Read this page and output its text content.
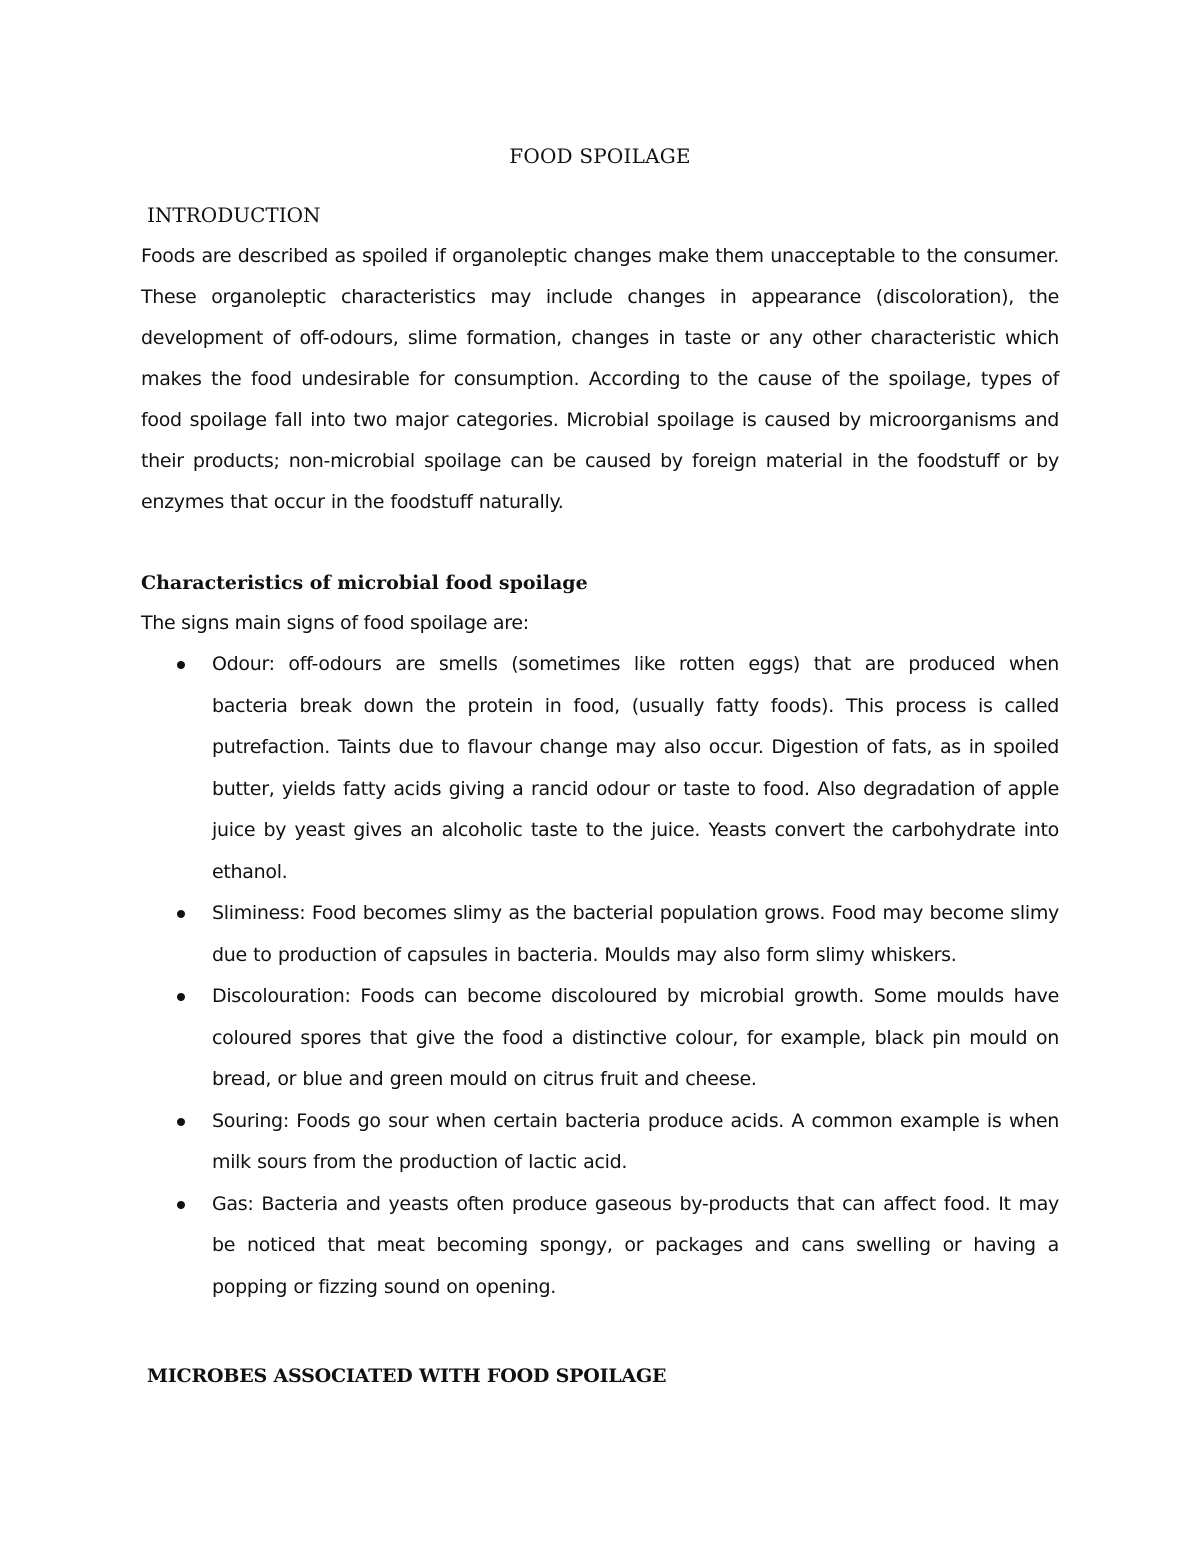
FOOD SPOILAGE
INTRODUCTION

Foods are described as spoiled if organoleptic changes make them unacceptable to the consumer. These organoleptic characteristics may include changes in appearance (discoloration), the development of off-odours, slime formation, changes in taste or any other characteristic which makes the food undesirable for consumption. According to the cause of the spoilage, types of food spoilage fall into two major categories. Microbial spoilage is caused by microorganisms and their products; non-microbial spoilage can be caused by foreign material in the foodstuff or by enzymes that occur in the foodstuff naturally.

Characteristics of microbial food spoilage

The signs main signs of food spoilage are:

Odour: off-odours are smells (sometimes like rotten eggs) that are produced when bacteria break down the protein in food, (usually fatty foods). This process is called putrefaction. Taints due to flavour change may also occur. Digestion of fats, as in spoiled butter, yields fatty acids giving a rancid odour or taste to food. Also degradation of apple juice by yeast gives an alcoholic taste to the juice. Yeasts convert the carbohydrate into ethanol.
Sliminess: Food becomes slimy as the bacterial population grows. Food may become slimy due to production of capsules in bacteria. Moulds may also form slimy whiskers.
Discolouration: Foods can become discoloured by microbial growth. Some moulds have coloured spores that give the food a distinctive colour, for example, black pin mould on bread, or blue and green mould on citrus fruit and cheese.
Souring: Foods go sour when certain bacteria produce acids. A common example is when milk sours from the production of lactic acid.
Gas: Bacteria and yeasts often produce gaseous by-products that can affect food. It may be noticed that meat becoming spongy, or packages and cans swelling or having a popping or fizzing sound on opening.
MICROBES ASSOCIATED WITH FOOD SPOILAGE
